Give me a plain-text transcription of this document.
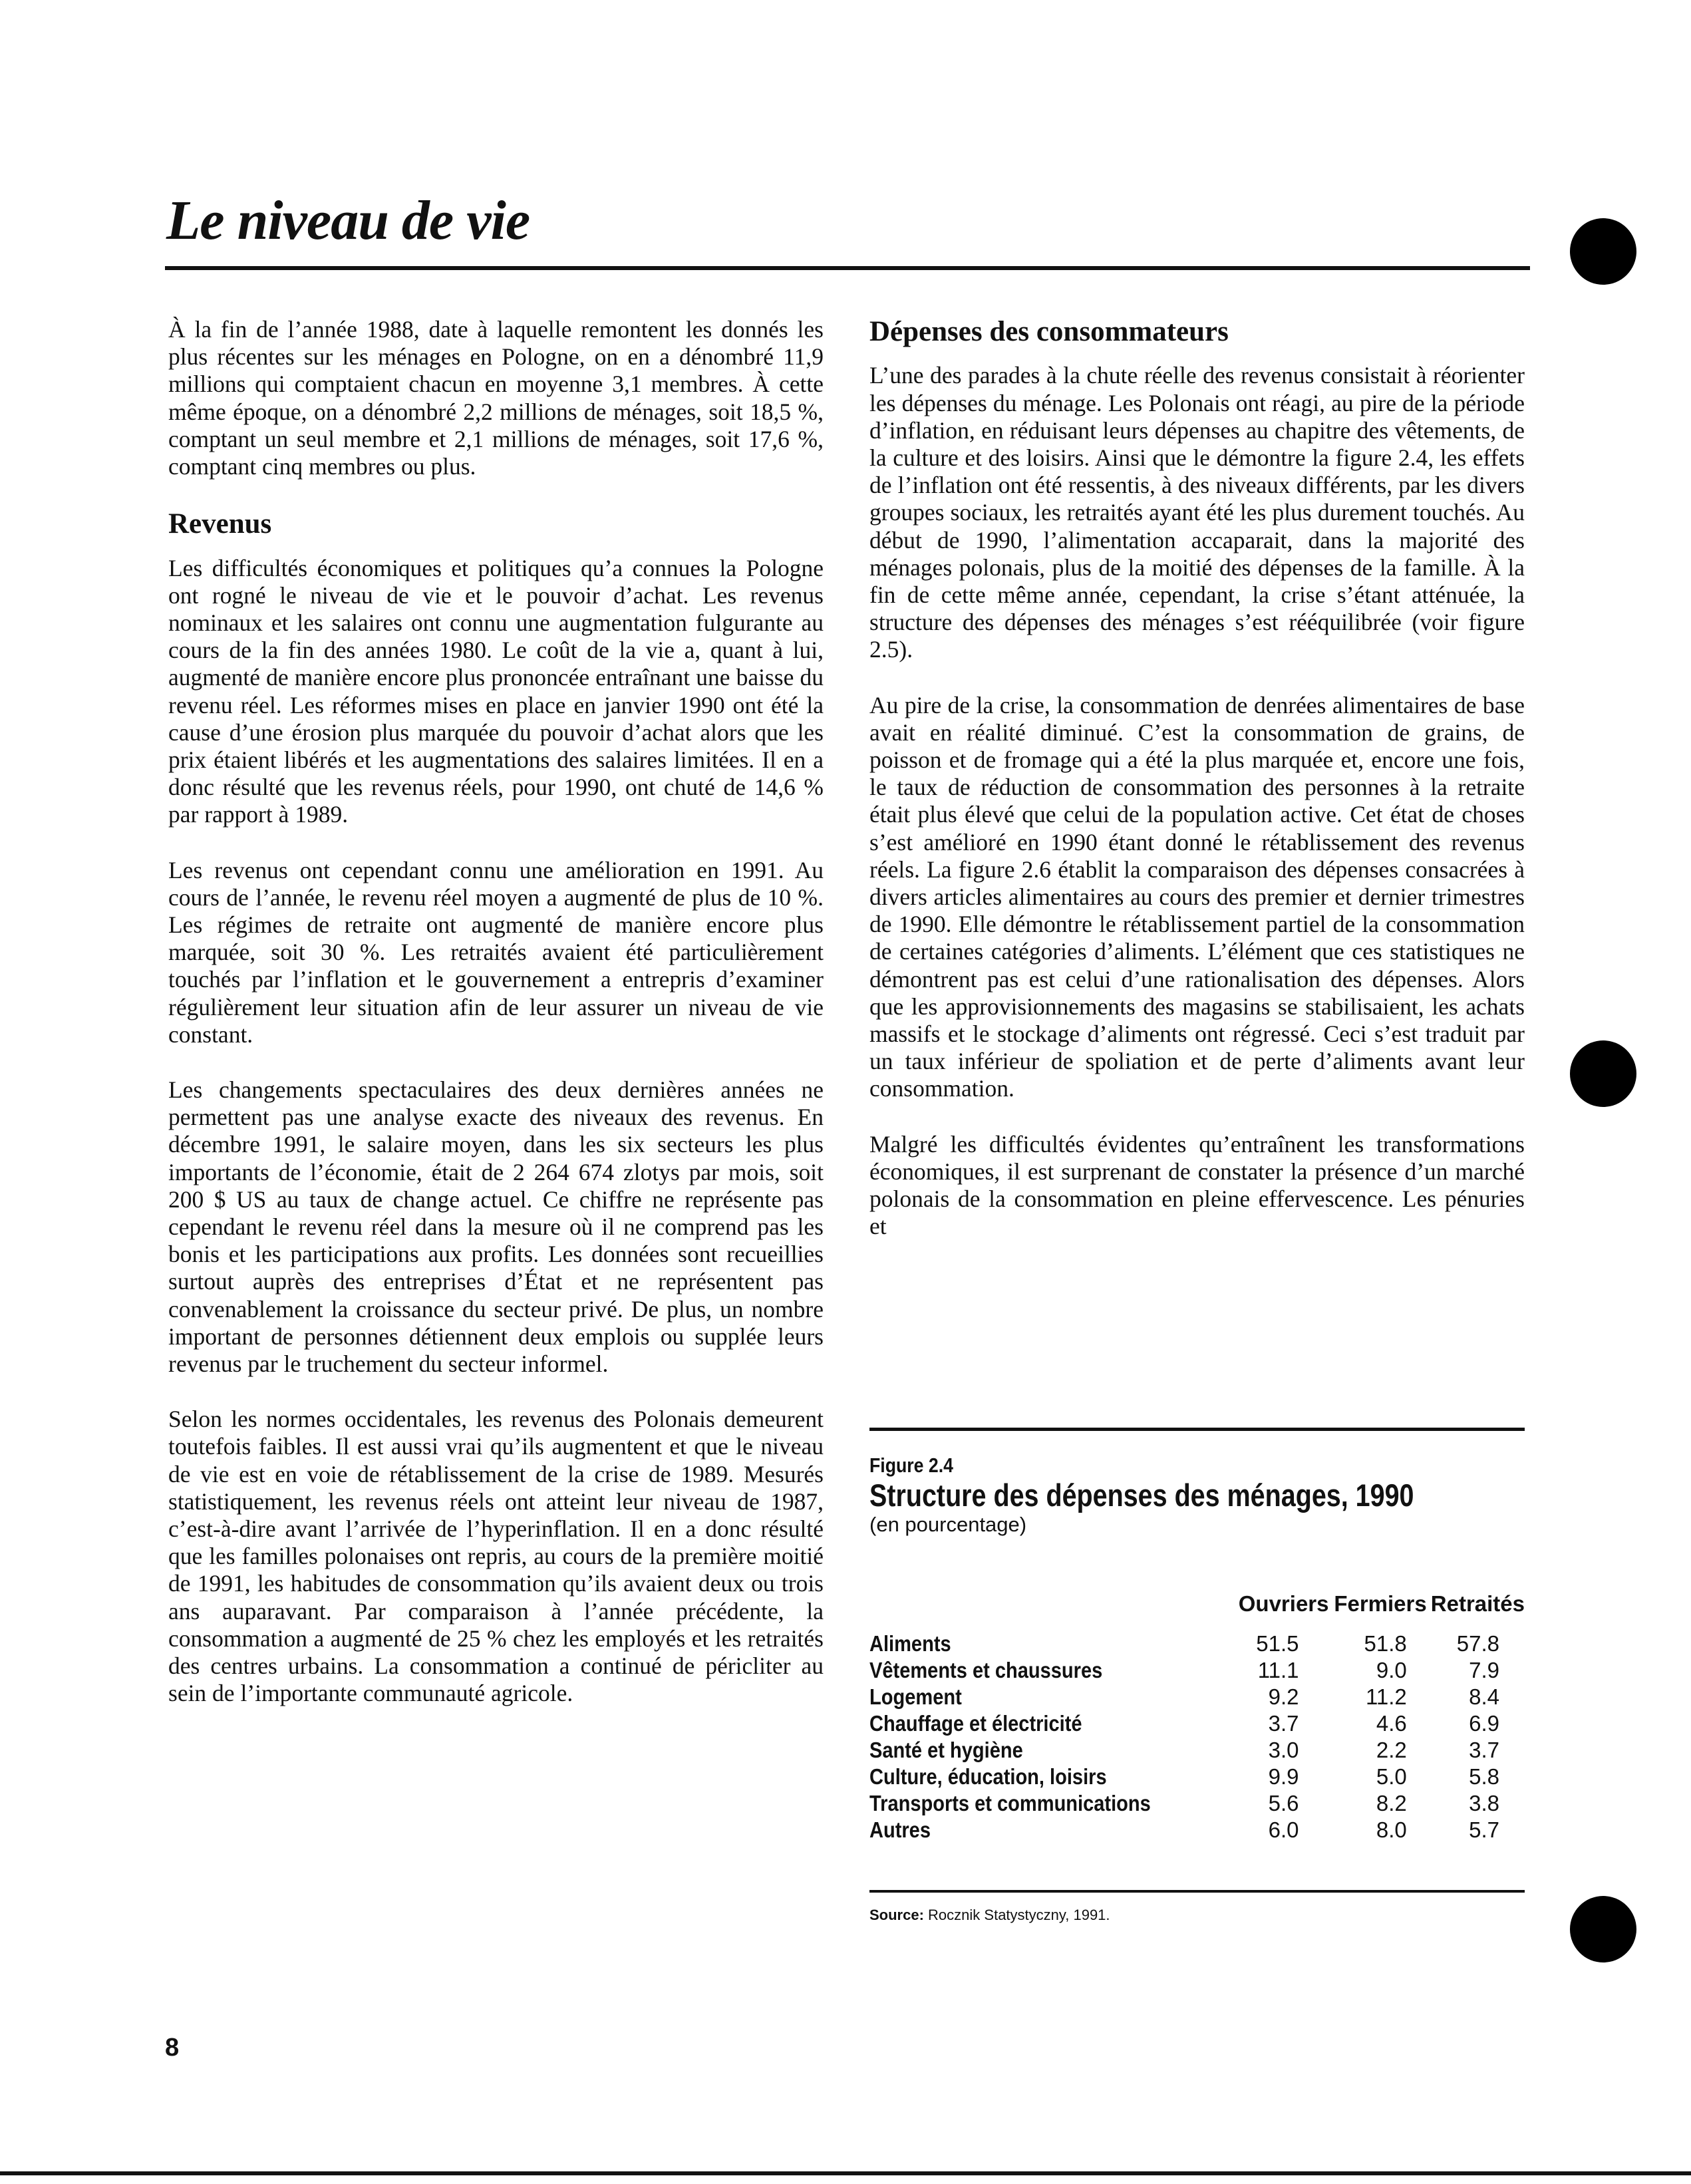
Le niveau de vie

À la fin de l’année 1988, date à laquelle remontent les donnés les plus récentes sur les ménages en Pologne, on en a dénombré 11,9 millions qui comptaient chacun en moyenne 3,1 membres. À cette même époque, on a dénombré 2,2 millions de ménages, soit 18,5 %, comptant un seul membre et 2,1 millions de ménages, soit 17,6 %, comptant cinq membres ou plus.

Revenus

Les difficultés économiques et politiques qu’a connues la Pologne ont rogné le niveau de vie et le pouvoir d’achat. Les revenus nominaux et les salaires ont connu une augmentation fulgurante au cours de la fin des années 1980. Le coût de la vie a, quant à lui, augmenté de manière encore plus prononcée entraînant une baisse du revenu réel. Les réformes mises en place en janvier 1990 ont été la cause d’une érosion plus marquée du pouvoir d’achat alors que les prix étaient libérés et les augmentations des salaires limitées. Il en a donc résulté que les revenus réels, pour 1990, ont chuté de 14,6 % par rapport à 1989.

Les revenus ont cependant connu une amélioration en 1991. Au cours de l’année, le revenu réel moyen a augmenté de plus de 10 %. Les régimes de retraite ont augmenté de manière encore plus marquée, soit 30 %. Les retraités avaient été particulièrement touchés par l’inflation et le gouvernement a entrepris d’examiner régulièrement leur situation afin de leur assurer un niveau de vie constant.

Les changements spectaculaires des deux dernières années ne permettent pas une analyse exacte des niveaux des revenus. En décembre 1991, le salaire moyen, dans les six secteurs les plus importants de l’économie, était de 2 264 674 zlotys par mois, soit 200 $ US au taux de change actuel. Ce chiffre ne représente pas cependant le revenu réel dans la mesure où il ne comprend pas les bonis et les participations aux profits. Les données sont recueillies surtout auprès des entreprises d’État et ne représentent pas convenablement la croissance du secteur privé. De plus, un nombre important de personnes détiennent deux emplois ou supplée leurs revenus par le truchement du secteur informel.

Selon les normes occidentales, les revenus des Polonais demeurent toutefois faibles. Il est aussi vrai qu’ils augmentent et que le niveau de vie est en voie de rétablissement de la crise de 1989. Mesurés statistiquement, les revenus réels ont atteint leur niveau de 1987, c’est-à-dire avant l’arrivée de l’hyperinflation. Il en a donc résulté que les familles polonaises ont repris, au cours de la première moitié de 1991, les habitudes de consommation qu’ils avaient deux ou trois ans auparavant. Par comparaison à l’année précédente, la consommation a augmenté de 25 % chez les employés et les retraités des centres urbains. La consommation a continué de péricliter au sein de l’importante communauté agricole.

Dépenses des consommateurs

L’une des parades à la chute réelle des revenus consistait à réorienter les dépenses du ménage. Les Polonais ont réagi, au pire de la période d’inflation, en réduisant leurs dépenses au chapitre des vêtements, de la culture et des loisirs. Ainsi que le démontre la figure 2.4, les effets de l’inflation ont été ressentis, à des niveaux différents, par les divers groupes sociaux, les retraités ayant été les plus durement touchés. Au début de 1990, l’alimentation accaparait, dans la majorité des ménages polonais, plus de la moitié des dépenses de la famille. À la fin de cette même année, cependant, la crise s’étant atténuée, la structure des dépenses des ménages s’est rééquilibrée (voir figure 2.5).

Au pire de la crise, la consommation de denrées alimentaires de base avait en réalité diminué. C’est la consommation de grains, de poisson et de fromage qui a été la plus marquée et, encore une fois, le taux de réduction de consommation des personnes à la retraite était plus élevé que celui de la population active. Cet état de choses s’est amélioré en 1990 étant donné le rétablissement des revenus réels. La figure 2.6 établit la comparaison des dépenses consacrées à divers articles alimentaires au cours des premier et dernier trimestres de 1990. Elle démontre le rétablissement partiel de la consommation de certaines catégories d’aliments. L’élément que ces statistiques ne démontrent pas est celui d’une rationalisation des dépenses. Alors que les approvisionnements des magasins se stabilisaient, les achats massifs et le stockage d’aliments ont régressé. Ceci s’est traduit par un taux inférieur de spoliation et de perte d’aliments avant leur consommation.

Malgré les difficultés évidentes qu’entraînent les transformations économiques, il est surprenant de constater la présence d’un marché polonais de la consommation en pleine effervescence. Les pénuries et

Figure 2.4
Structure des dépenses des ménages, 1990
(en pourcentage)
	Ouvriers	Fermiers	Retraités
Aliments	51.5	51.8	57.8
Vêtements et chaussures	11.1	9.0	7.9
Logement	9.2	11.2	8.4
Chauffage et électricité	3.7	4.6	6.9
Santé et hygiène	3.0	2.2	3.7
Culture, éducation, loisirs	9.9	5.0	5.8
Transports et communications	5.6	8.2	3.8
Autres	6.0	8.0	5.7
Source: Rocznik Statystyczny, 1991.
8
